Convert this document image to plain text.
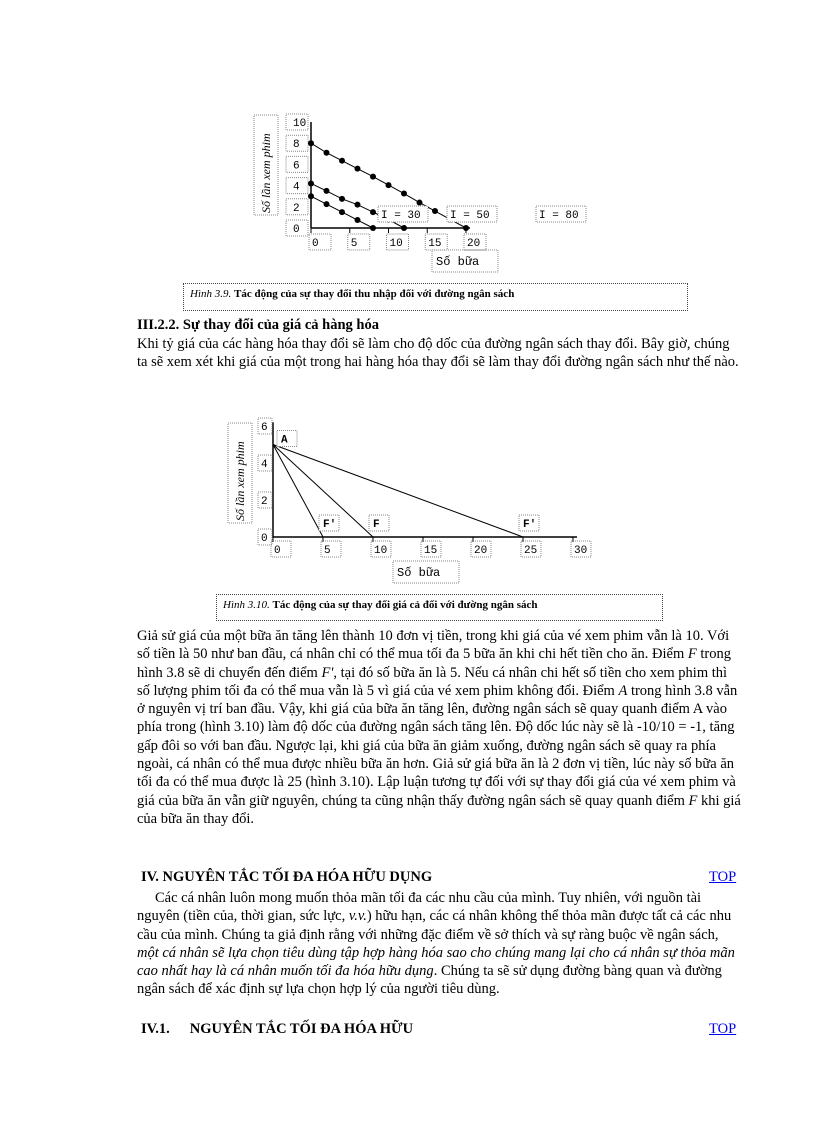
0
2
4
6
8
10
0	5	10 15 20
Số lần xem phim
Số bữa
I = 30	I = 50	I = 80
Hình 3.9. Tác động của sự thay đổi thu nhập đối với đường ngân sách
III.2.2. Sự thay đổi của giá cả hàng hóa
Khi tỷ giá của các hàng hóa thay đổi sẽ làm cho độ dốc của đường ngân sách thay đổi. Bây giờ, chúng ta sẽ xem xét khi giá của một trong hai hàng hóa thay đổi sẽ làm thay đổi đường ngân sách như thế nào.
0
2
4
6
0	5	10	15	20	25	30
Số lần xem phim
Số bữa
A
F'	F	F'
Hình 3.10. Tác động của sự thay đổi giá cả đối với đường ngân sách
Giả sử giá của một bữa ăn tăng lên thành 10 đơn vị tiền, trong khi giá của vé xem phim vẫn là 10. Với số tiền là 50 như ban đầu, cá nhân chỉ có thể mua tối đa 5 bữa ăn khi chi hết tiền cho ăn. Điểm F trong hình 3.8 sẽ di chuyển đến điểm F', tại đó số bữa ăn là 5. Nếu cá nhân chi hết số tiền cho xem phim thì số lượng phim tối đa có thể mua vẫn là 5 vì giá của vé xem phim không đổi. Điểm A trong hình 3.8 vẫn ở nguyên vị trí ban đầu. Vậy, khi giá của bữa ăn tăng lên, đường ngân sách sẽ quay quanh điểm A vào phía trong (hình 3.10) làm độ dốc của đường ngân sách tăng lên. Độ dốc lúc này sẽ là -10/10 = -1, tăng gấp đôi so với ban đầu. Ngược lại, khi giá của bữa ăn giảm xuống, đường ngân sách sẽ quay ra phía ngoài, cá nhân có thể mua được nhiều bữa ăn hơn. Giả sử giá bữa ăn là 2 đơn vị tiền, lúc này số bữa ăn tối đa có thể mua được là 25 (hình 3.10). Lập luận tương tự đối với sự thay đổi giá của vé xem phim và giá của bữa ăn vẫn giữ nguyên, chúng ta cũng nhận thấy đường ngân sách sẽ quay quanh điểm F khi giá của bữa ăn thay đổi.
IV. NGUYÊN TẮC TỐI ĐA HÓA HỮU DỤNG	TOP
Các cá nhân luôn mong muốn thỏa mãn tối đa các nhu cầu của mình. Tuy nhiên, với nguồn tài nguyên (tiền của, thời gian, sức lực, v.v.) hữu hạn, các cá nhân không thể thỏa mãn được tất cả các nhu cầu của mình. Chúng ta giả định rằng với những đặc điểm về sở thích và sự ràng buộc về ngân sách, một cá nhân sẽ lựa chọn tiêu dùng tập hợp hàng hóa sao cho chúng mang lại cho cá nhân sự thỏa mãn cao nhất hay là cá nhân muốn tối đa hóa hữu dụng. Chúng ta sẽ sử dụng đường bàng quan và đường ngân sách để xác định sự lựa chọn hợp lý của người tiêu dùng.
IV.1. NGUYÊN TẮC TỐI ĐA HÓA HỮU	TOP
